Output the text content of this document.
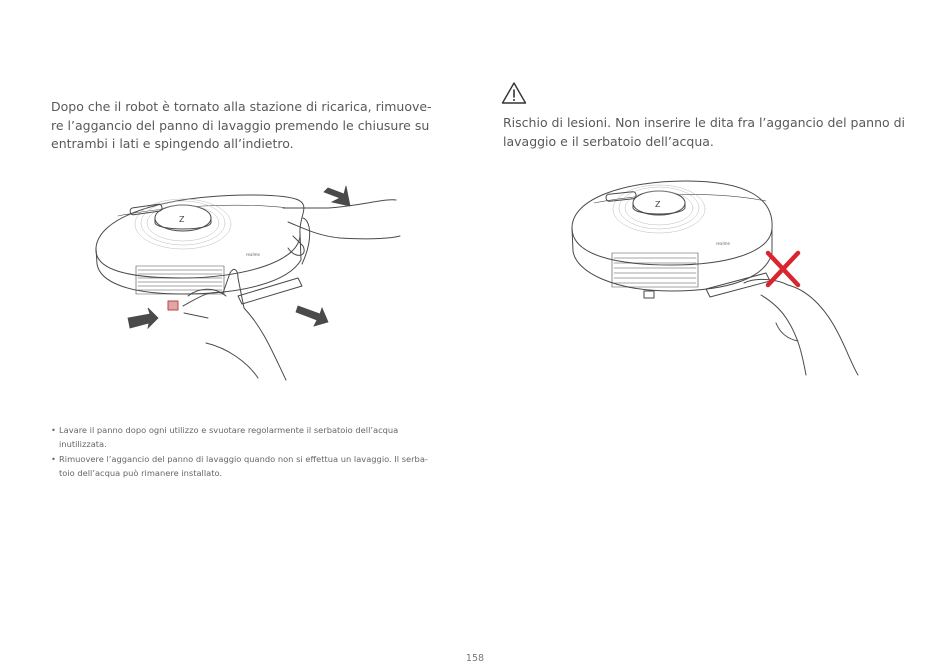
Dopo che il robot è tornato alla stazione di ricarica, rimuove-
re l’aggancio del panno di lavaggio premendo le chiusure su
entrambi i lati e spingendo all’indietro.

Rischio di lesioni. Non inserire le dita fra l’aggancio del panno di
lavaggio e il serbatoio dell’acqua.

realme
Z
realme
Z
• Lavare il panno dopo ogni utilizzo e svuotare regolarmente il serbatoio dell’acqua
inutilizzata.
• Rimuovere l’aggancio del panno di lavaggio quando non si effettua un lavaggio. Il serba-
toio dell’acqua può rimanere installato.
158
